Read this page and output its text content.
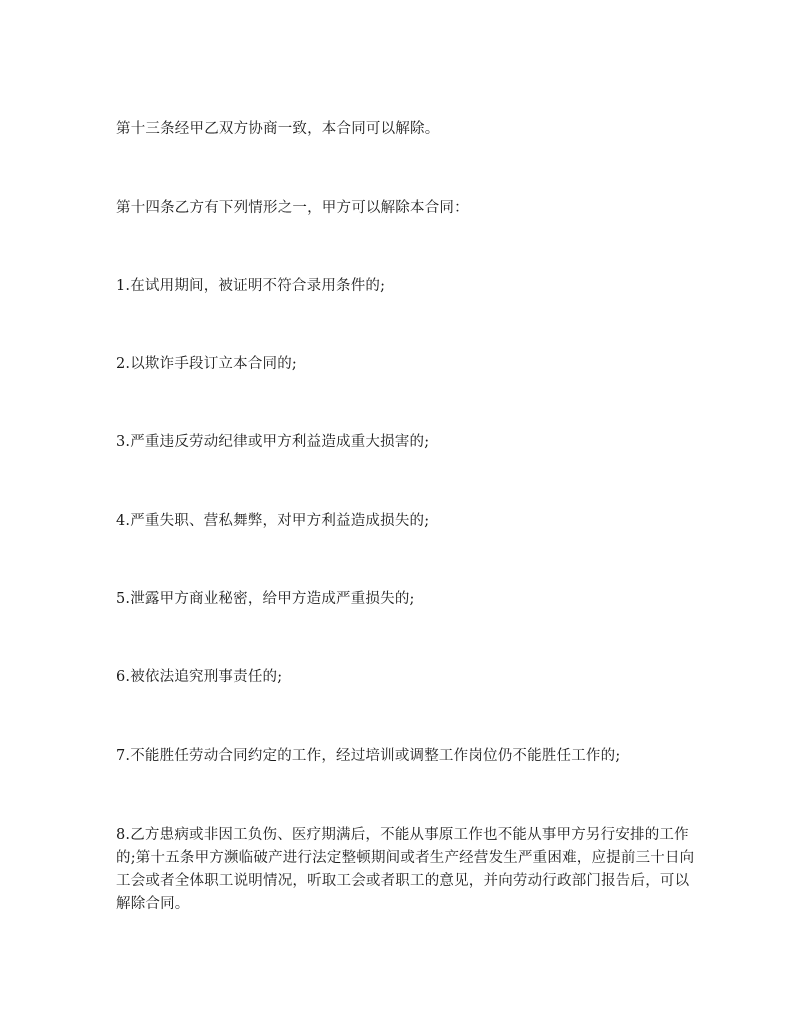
第十三条经甲乙双方协商一致，本合同可以解除。

第十四条乙方有下列情形之一，甲方可以解除本合同：

1.在试用期间，被证明不符合录用条件的;

2.以欺诈手段订立本合同的;

3.严重违反劳动纪律或甲方利益造成重大损害的;

4.严重失职、营私舞弊，对甲方利益造成损失的;

5.泄露甲方商业秘密，给甲方造成严重损失的;

6.被依法追究刑事责任的;

7.不能胜任劳动合同约定的工作，经过培训或调整工作岗位仍不能胜任工作的;

8.乙方患病或非因工负伤、医疗期满后，不能从事原工作也不能从事甲方另行安排的工作的;第十五条甲方濒临破产进行法定整顿期间或者生产经营发生严重困难，应提前三十日向工会或者全体职工说明情况，听取工会或者职工的意见，并向劳动行政部门报告后，可以解除合同。
